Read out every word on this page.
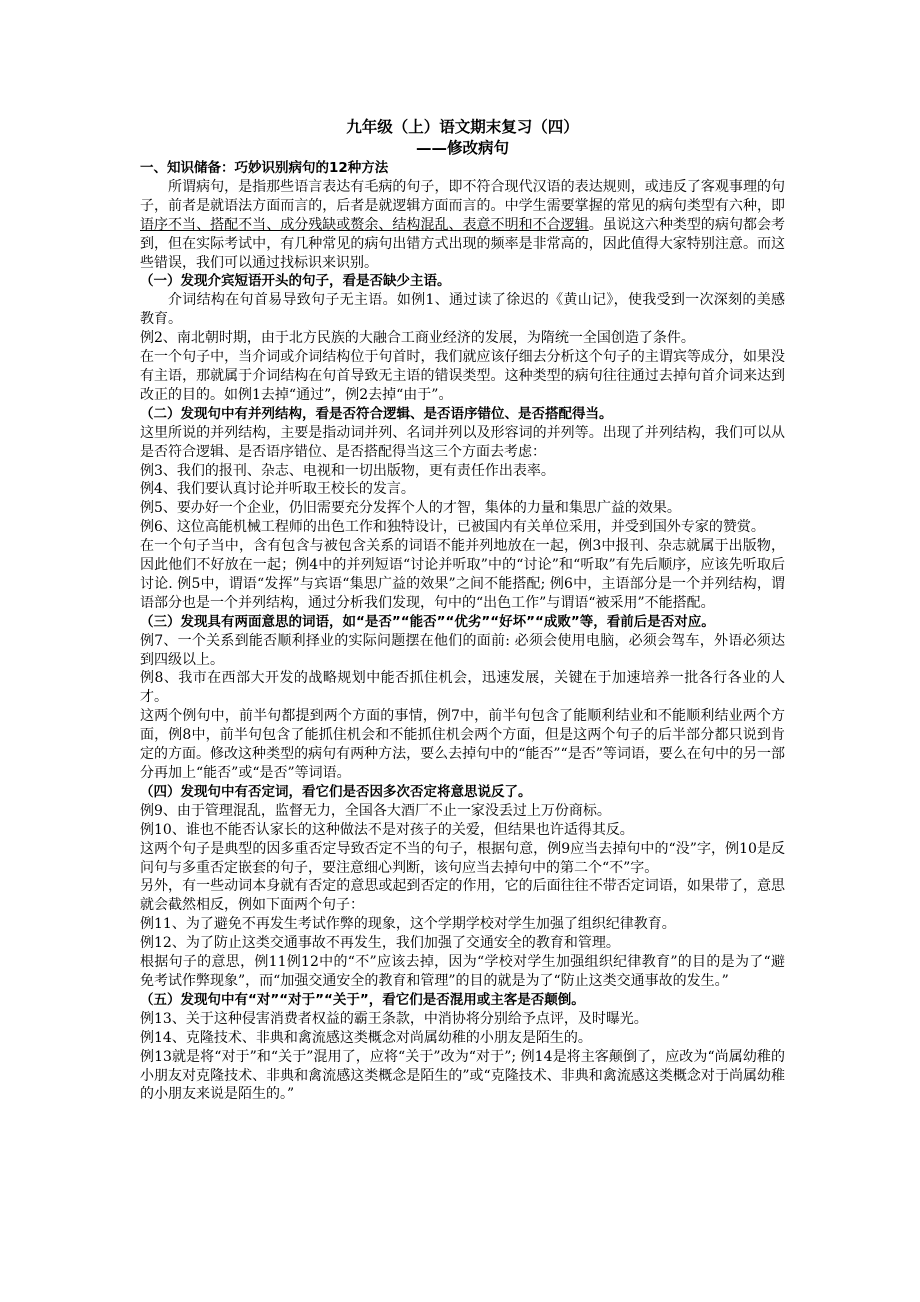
九年级（上）语文期末复习（四）

——修改病句

一、知识储备：巧妙识别病句的12种方法

所谓病句，是指那些语言表达有毛病的句子，即不符合现代汉语的表达规则，或违反了客观事理的句子，前者是就语法方面而言的，后者是就逻辑方面而言的。中学生需要掌握的常见的病句类型有六种，即语序不当、搭配不当、成分残缺或赘余、结构混乱、表意不明和不合逻辑。虽说这六种类型的病句都会考到，但在实际考试中，有几种常见的病句出错方式出现的频率是非常高的，因此值得大家特别注意。而这些错误，我们可以通过找标识来识别。

（一）发现介宾短语开头的句子，看是否缺少主语。

介词结构在句首易导致句子无主语。如例1、通过读了徐迟的《黄山记》，使我受到一次深刻的美感教育。

例2、南北朝时期，由于北方民族的大融合工商业经济的发展，为隋统一全国创造了条件。

在一个句子中，当介词或介词结构位于句首时，我们就应该仔细去分析这个句子的主谓宾等成分，如果没有主语，那就属于介词结构在句首导致无主语的错误类型。这种类型的病句往往通过去掉句首介词来达到改正的目的。如例1去掉“通过”，例2去掉“由于”。

（二）发现句中有并列结构，看是否符合逻辑、是否语序错位、是否搭配得当。

这里所说的并列结构，主要是指动词并列、名词并列以及形容词的并列等。出现了并列结构，我们可以从是否符合逻辑、是否语序错位、是否搭配得当这三个方面去考虑：

例3、我们的报刊、杂志、电视和一切出版物，更有责任作出表率。

例4、我们要认真讨论并听取王校长的发言。

例5、要办好一个企业，仍旧需要充分发挥个人的才智，集体的力量和集思广益的效果。

例6、这位高能机械工程师的出色工作和独特设计，已被国内有关单位采用，并受到国外专家的赞赏。

在一个句子当中，含有包含与被包含关系的词语不能并列地放在一起，例3中报刊、杂志就属于出版物，因此他们不好放在一起；例4中的并列短语“讨论并听取”中的“讨论”和“听取”有先后顺序，应该先听取后讨论. 例5中，谓语“发挥”与宾语“集思广益的效果”之间不能搭配; 例6中，主语部分是一个并列结构，谓语部分也是一个并列结构，通过分析我们发现，句中的“出色工作”与谓语“被采用”不能搭配。

（三）发现具有两面意思的词语，如“是否”“能否”“优劣”“好坏”“成败”等，看前后是否对应。

例7、一个关系到能否顺利择业的实际问题摆在他们的面前: 必须会使用电脑，必须会驾车，外语必须达到四级以上。

例8、我市在西部大开发的战略规划中能否抓住机会，迅速发展，关键在于加速培养一批各行各业的人才。

这两个例句中，前半句都提到两个方面的事情，例7中，前半句包含了能顺利结业和不能顺利结业两个方面，例8中，前半句包含了能抓住机会和不能抓住机会两个方面，但是这两个句子的后半部分都只说到肯定的方面。修改这种类型的病句有两种方法，要么去掉句中的“能否”“是否”等词语，要么在句中的另一部分再加上“能否”或“是否”等词语。

（四）发现句中有否定词，看它们是否因多次否定将意思说反了。

例9、由于管理混乱，监督无力，全国各大酒厂不止一家没丢过上万份商标。

例10、谁也不能否认家长的这种做法不是对孩子的关爱，但结果也许适得其反。

这两个句子是典型的因多重否定导致否定不当的句子，根据句意，例9应当去掉句中的“没”字，例10是反问句与多重否定嵌套的句子，要注意细心判断，该句应当去掉句中的第二个“不”字。

另外，有一些动词本身就有否定的意思或起到否定的作用，它的后面往往不带否定词语，如果带了，意思就会截然相反，例如下面两个句子：

例11、为了避免不再发生考试作弊的现象，这个学期学校对学生加强了组织纪律教育。

例12、为了防止这类交通事故不再发生，我们加强了交通安全的教育和管理。

根据句子的意思，例11例12中的“不”应该去掉，因为“学校对学生加强组织纪律教育”的目的是为了“避免考试作弊现象”，而“加强交通安全的教育和管理”的目的就是为了“防止这类交通事故的发生。”

（五）发现句中有“对”“对于”“关于”，看它们是否混用或主客是否颠倒。

例13、关于这种侵害消费者权益的霸王条款，中消协将分别给予点评，及时曝光。

例14、克隆技术、非典和禽流感这类概念对尚属幼稚的小朋友是陌生的。

例13就是将“对于”和“关于”混用了，应将“关于”改为“对于”; 例14是将主客颠倒了，应改为“尚属幼稚的小朋友对克隆技术、非典和禽流感这类概念是陌生的”或“克隆技术、非典和禽流感这类概念对于尚属幼稚的小朋友来说是陌生的。”
